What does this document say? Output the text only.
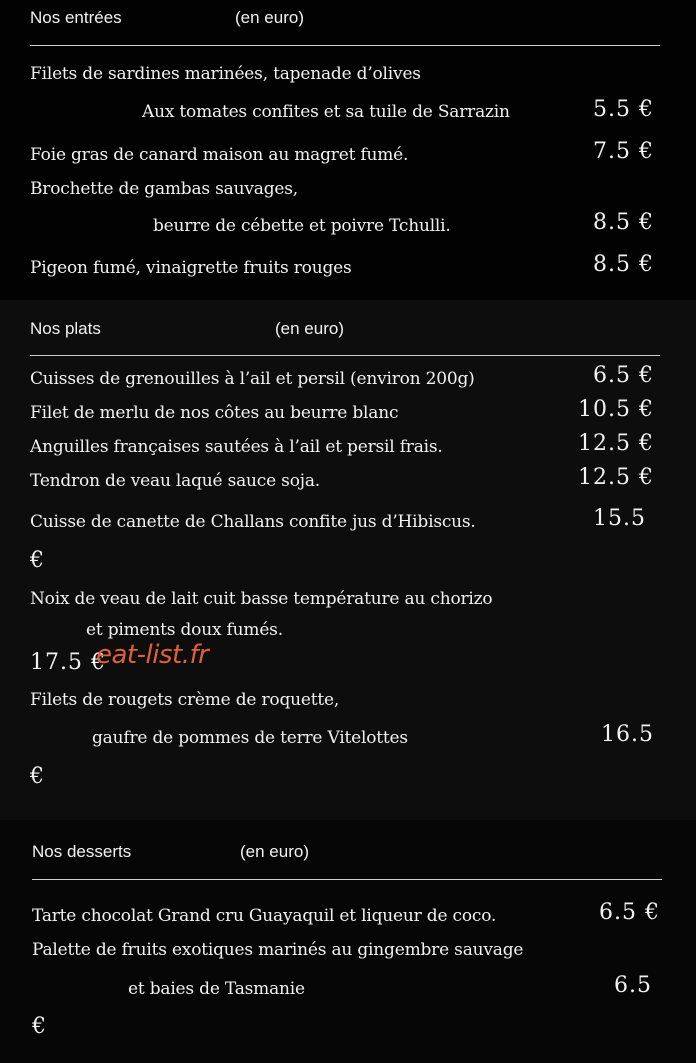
Nos entrées	(en euro)
Filets de sardines marinées, tapenade d’olives
Aux tomates confites et sa tuile de Sarrazin	5.5 €
Foie gras de canard maison au magret fumé.	7.5 €
Brochette de gambas sauvages,
beurre de cébette et poivre Tchulli.	8.5 €
Pigeon fumé, vinaigrette fruits rouges	8.5 €
Nos plats	(en euro)
Cuisses de grenouilles à l’ail et persil (environ 200g)	6.5 €
Filet de merlu de nos côtes au beurre blanc	10.5 €
Anguilles françaises sautées à l’ail et persil frais.	12.5 €
Tendron de veau laqué sauce soja.	12.5 €
Cuisse de canette de Challans confite jus d’Hibiscus.	15.5
€
Noix de veau de lait cuit basse température au chorizo
et piments doux fumés.
17.5 €
Filets de rougets crème de roquette,
gaufre de pommes de terre Vitelottes	16.5
€
Nos desserts	(en euro)
Tarte chocolat Grand cru Guayaquil et liqueur de coco.	6.5 €
Palette de fruits exotiques marinés au gingembre sauvage
et baies de Tasmanie	6.5
€
eat-list.fr
